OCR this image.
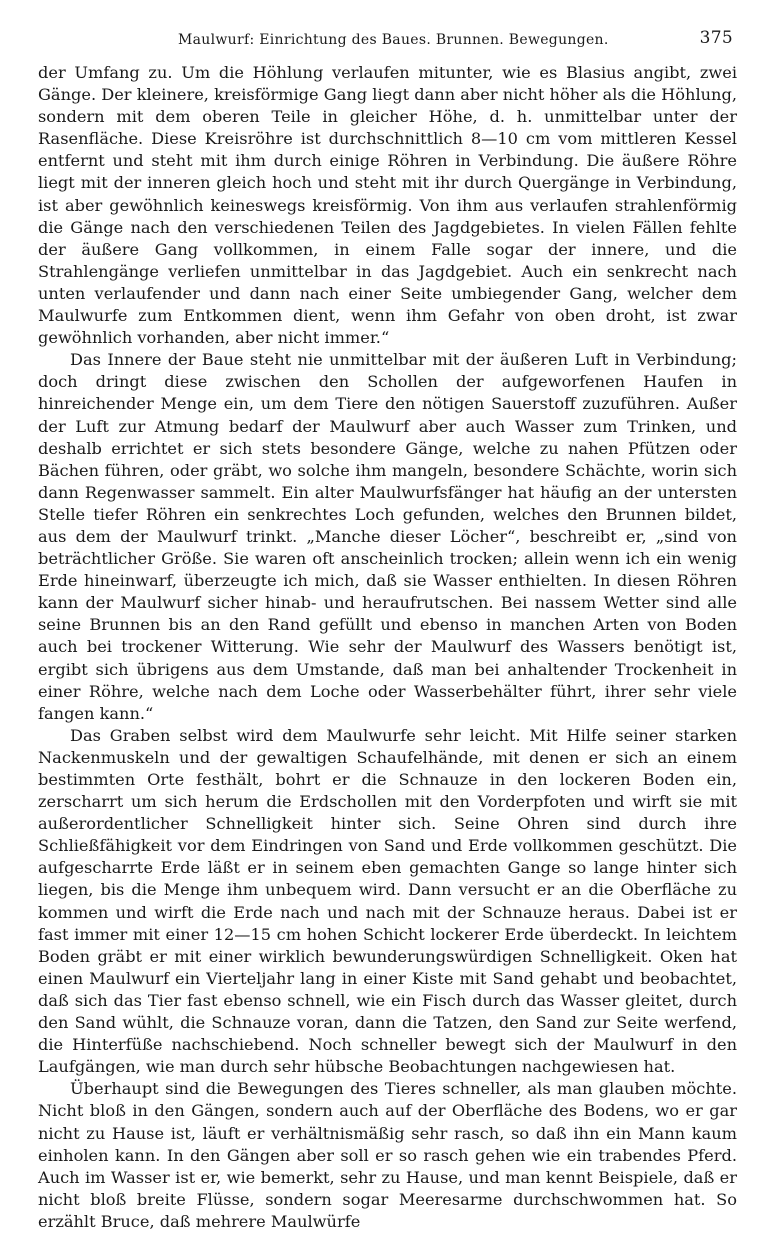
Maulwurf: Einrichtung des Baues. Brunnen. Bewegungen.	375

der Umfang zu. Um die Höhlung verlaufen mitunter, wie es Blasius angibt, zwei Gänge. Der kleinere, kreisförmige Gang liegt dann aber nicht höher als die Höhlung, sondern mit dem oberen Teile in gleicher Höhe, d. h. unmittelbar unter der Rasenfläche. Diese Kreisröhre ist durchschnittlich 8—10 cm vom mittleren Kessel entfernt und steht mit ihm durch einige Röhren in Verbindung. Die äußere Röhre liegt mit der inneren gleich hoch und steht mit ihr durch Quergänge in Verbindung, ist aber gewöhnlich keineswegs kreisförmig. Von ihm aus verlaufen strahlenförmig die Gänge nach den verschiedenen Teilen des Jagdgebietes. In vielen Fällen fehlte der äußere Gang vollkommen, in einem Falle sogar der innere, und die Strahlengänge verliefen unmittelbar in das Jagdgebiet. Auch ein senkrecht nach unten verlaufender und dann nach einer Seite umbiegender Gang, welcher dem Maulwurfe zum Entkommen dient, wenn ihm Gefahr von oben droht, ist zwar gewöhnlich vorhanden, aber nicht immer.“

Das Innere der Baue steht nie unmittelbar mit der äußeren Luft in Verbindung; doch dringt diese zwischen den Schollen der aufgeworfenen Haufen in hinreichender Menge ein, um dem Tiere den nötigen Sauerstoff zuzuführen. Außer der Luft zur Atmung bedarf der Maulwurf aber auch Wasser zum Trinken, und deshalb errichtet er sich stets besondere Gänge, welche zu nahen Pfützen oder Bächen führen, oder gräbt, wo solche ihm mangeln, besondere Schächte, worin sich dann Regenwasser sammelt. Ein alter Maulwurfsfänger hat häufig an der untersten Stelle tiefer Röhren ein senkrechtes Loch gefunden, welches den Brunnen bildet, aus dem der Maulwurf trinkt. „Manche dieser Löcher“, beschreibt er, „sind von beträchtlicher Größe. Sie waren oft anscheinlich trocken; allein wenn ich ein wenig Erde hineinwarf, überzeugte ich mich, daß sie Wasser enthielten. In diesen Röhren kann der Maulwurf sicher hinab- und heraufrutschen. Bei nassem Wetter sind alle seine Brunnen bis an den Rand gefüllt und ebenso in manchen Arten von Boden auch bei trockener Witterung. Wie sehr der Maulwurf des Wassers benötigt ist, ergibt sich übrigens aus dem Umstande, daß man bei anhaltender Trockenheit in einer Röhre, welche nach dem Loche oder Wasserbehälter führt, ihrer sehr viele fangen kann.“

Das Graben selbst wird dem Maulwurfe sehr leicht. Mit Hilfe seiner starken Nackenmuskeln und der gewaltigen Schaufelhände, mit denen er sich an einem bestimmten Orte festhält, bohrt er die Schnauze in den lockeren Boden ein, zerscharrt um sich herum die Erdschollen mit den Vorderpfoten und wirft sie mit außerordentlicher Schnelligkeit hinter sich. Seine Ohren sind durch ihre Schließfähigkeit vor dem Eindringen von Sand und Erde vollkommen geschützt. Die aufgescharrte Erde läßt er in seinem eben gemachten Gange so lange hinter sich liegen, bis die Menge ihm unbequem wird. Dann versucht er an die Oberfläche zu kommen und wirft die Erde nach und nach mit der Schnauze heraus. Dabei ist er fast immer mit einer 12—15 cm hohen Schicht lockerer Erde überdeckt. In leichtem Boden gräbt er mit einer wirklich bewunderungswürdigen Schnelligkeit. Oken hat einen Maulwurf ein Vierteljahr lang in einer Kiste mit Sand gehabt und beobachtet, daß sich das Tier fast ebenso schnell, wie ein Fisch durch das Wasser gleitet, durch den Sand wühlt, die Schnauze voran, dann die Tatzen, den Sand zur Seite werfend, die Hinterfüße nachschiebend. Noch schneller bewegt sich der Maulwurf in den Laufgängen, wie man durch sehr hübsche Beobachtungen nachgewiesen hat.

Überhaupt sind die Bewegungen des Tieres schneller, als man glauben möchte. Nicht bloß in den Gängen, sondern auch auf der Oberfläche des Bodens, wo er gar nicht zu Hause ist, läuft er verhältnismäßig sehr rasch, so daß ihn ein Mann kaum einholen kann. In den Gängen aber soll er so rasch gehen wie ein trabendes Pferd. Auch im Wasser ist er, wie bemerkt, sehr zu Hause, und man kennt Beispiele, daß er nicht bloß breite Flüsse, sondern sogar Meeresarme durchschwommen hat. So erzählt Bruce, daß mehrere Maulwürfe
